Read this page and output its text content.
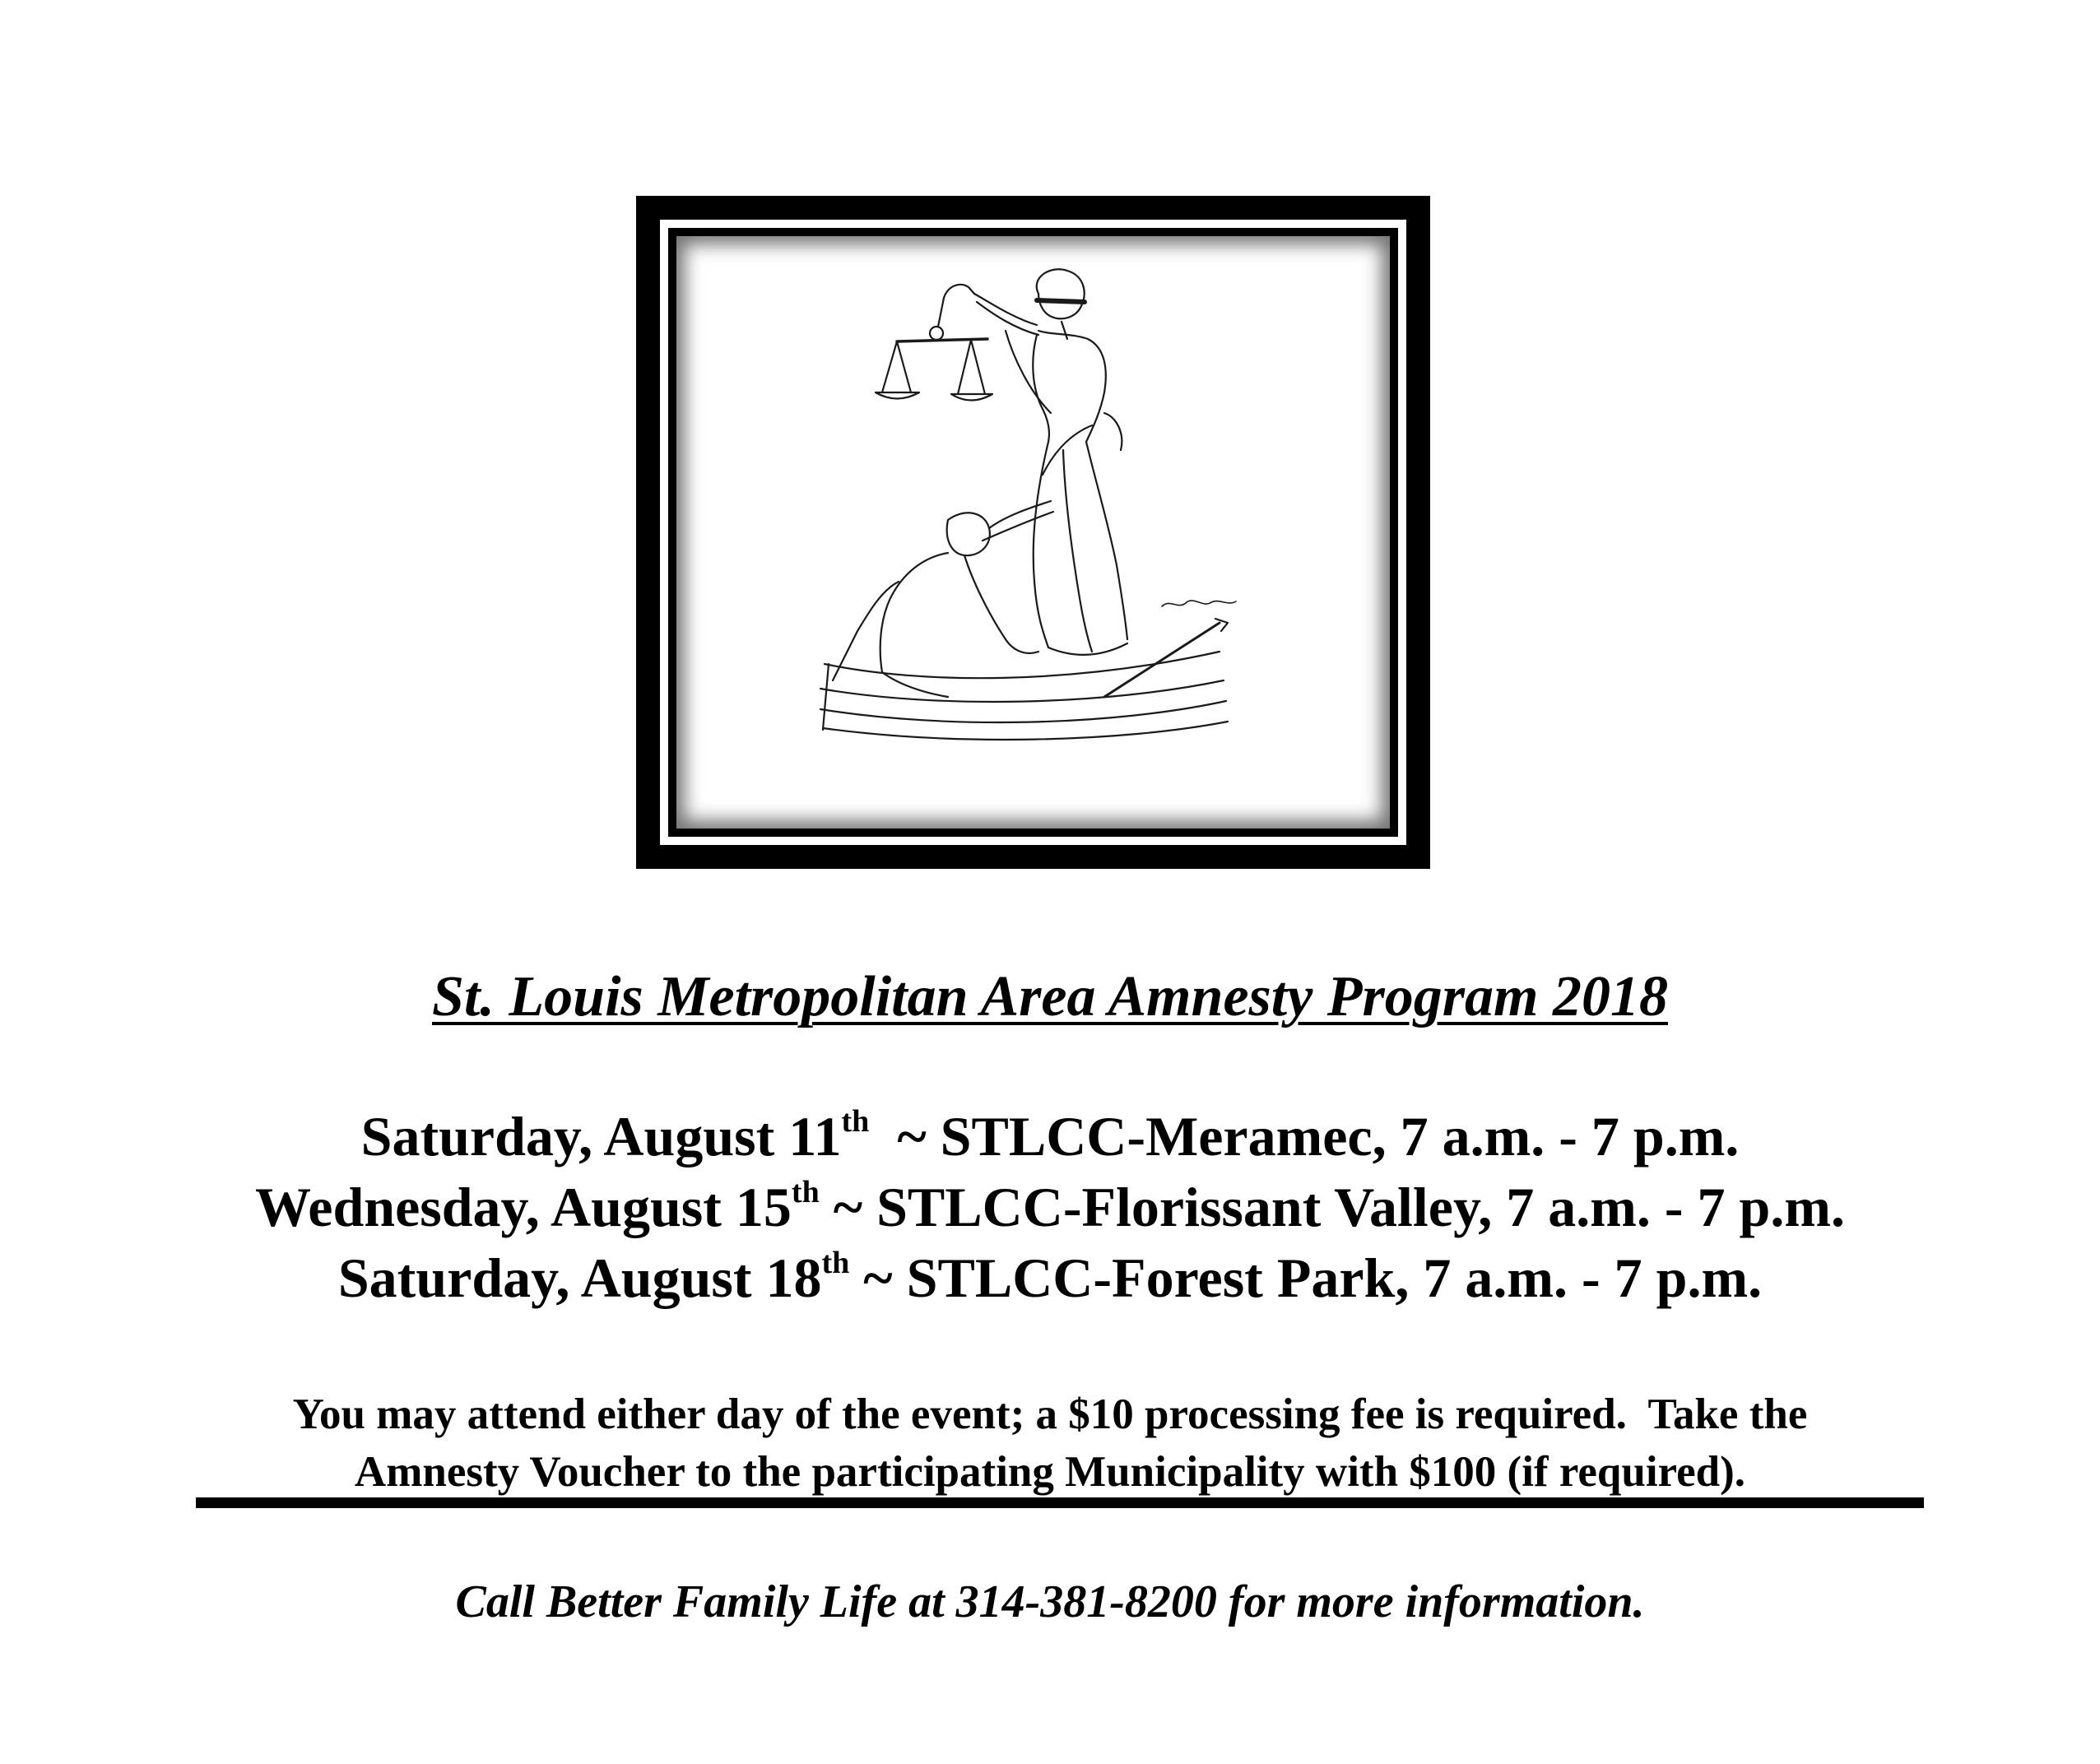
St. Louis Metropolitan Area Amnesty Program 2018
Saturday, August 11th  ~ STLCC-Meramec, 7 a.m. - 7 p.m.
Wednesday, August 15th ~ STLCC-Florissant Valley, 7 a.m. - 7 p.m.
Saturday, August 18th ~ STLCC-Forest Park, 7 a.m. - 7 p.m.
You may attend either day of the event; a $10 processing fee is required.  Take the
Amnesty Voucher to the participating Municipality with $100 (if required).
Call Better Family Life at 314-381-8200 for more information.
